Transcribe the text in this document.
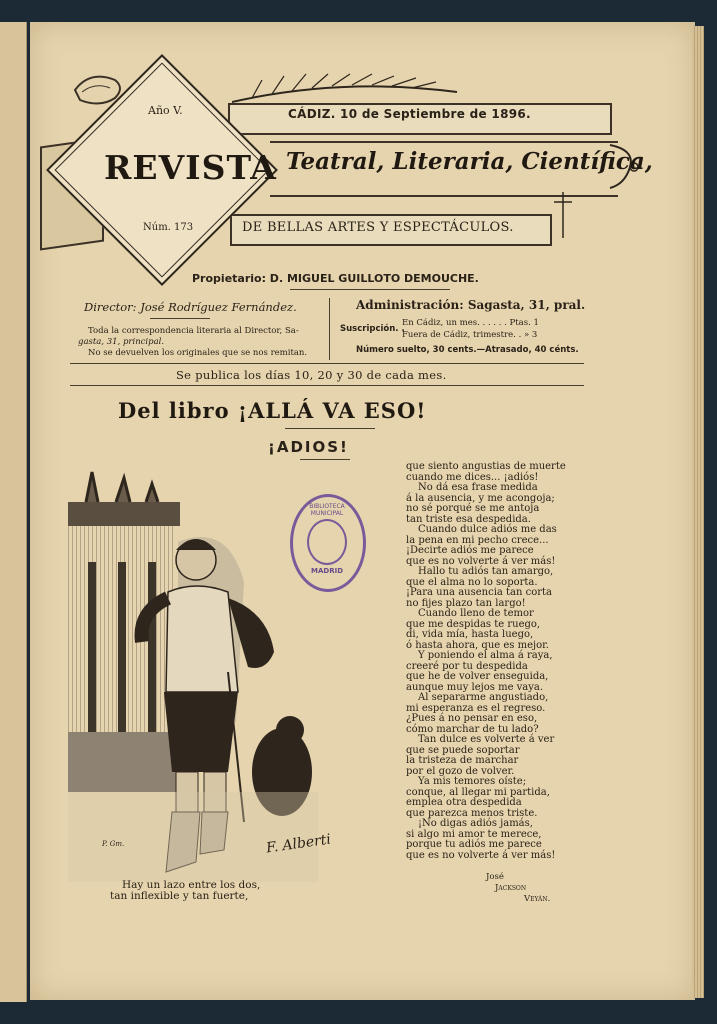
Año V.	CÁDIZ. 10 de Septiembre de 1896.
REVISTA Teatral, Literaria, Científica,
Núm. 173	DE BELLAS ARTES Y ESPECTÁCULOS.
Propietario: D. MIGUEL GUILLOTO DEMOUCHE.
Director: José Rodríguez Fernández.
Toda la correspondencia literaria al Director, Sa-
gasta, 31, principal.
No se devuelven los originales que se nos remitan.
Administración: Sagasta, 31, pral.
Suscripción. .
En Cádiz, un mes. . . . . . Ptas. 1
Fuera de Cádiz, trimestre. . » 3
Número suelto, 30 cents.—Atrasado, 40 cénts.
Se publica los días 10, 20 y 30 de cada mes.
Del libro ¡ALLÁ VA ESO!
¡ADIOS!
P. Gm.	F. Alberti
BIBLIOTECA MUNICIPAL
MADRID
que siento angustias de muerte
cuando me dices... ¡adiós!
No dá esa frase medida
á la ausencia, y me acongoja;
no sé porqué se me antoja
tan triste esa despedida.
Cuando dulce adiós me das
la pena en mi pecho crece...
¡Decirte adiós me parece
que es no volverte á ver más!
Hallo tu adiós tan amargo,
que el alma no lo soporta.
¡Para una ausencia tan corta
no fijes plazo tan largo!
Cuando lleno de temor
que me despidas te ruego,
di, vida mía, hasta luego,
ó hasta ahora, que es mejor.
Y poniendo el alma á raya,
creeré por tu despedida
que he de volver enseguida,
aunque muy lejos me vaya.
Al separarme angustiado,
mi esperanza es el regreso.
¿Pues á no pensar en eso,
cómo marchar de tu lado?
Tan dulce es volverte á ver
que se puede soportar
la tristeza de marchar
por el gozo de volver.
Ya mis temores oíste;
conque, al llegar mi partida,
emplea otra despedida
que parezca menos triste.
¡No digas adiós jamás,
si algo mi amor te merece,
porque tu adiós me parece
que es no volverte á ver más!
Hay un lazo entre los dos,
tan inflexible y tan fuerte,
José
Jackson
Veyán.
